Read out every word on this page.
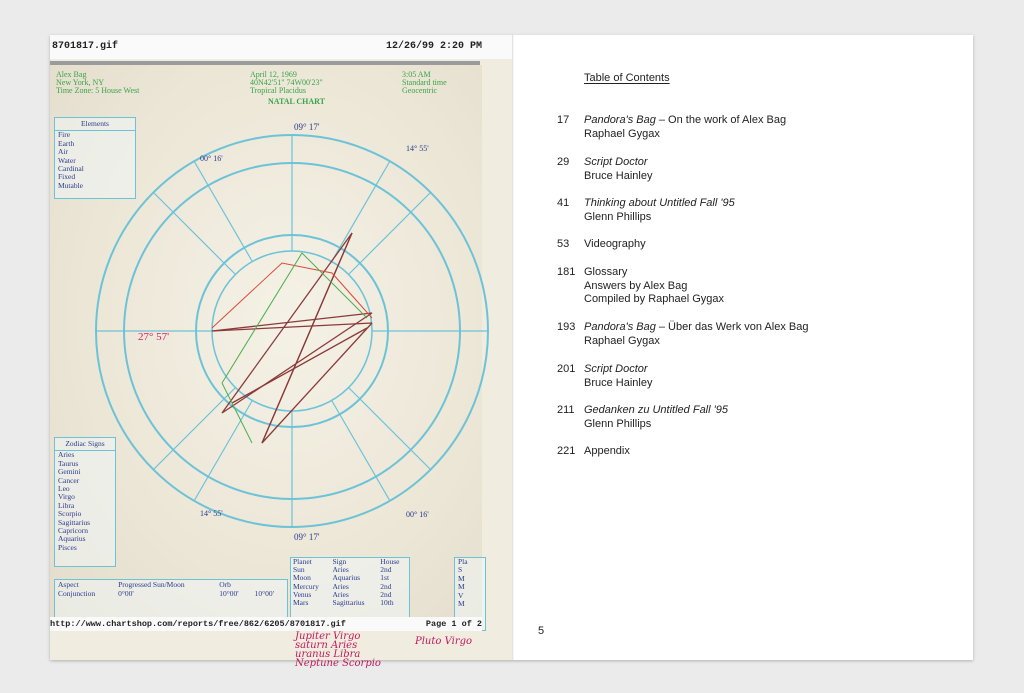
8701817.gif	12/26/99 2:20 PM
Alex Bag
New York, NY
Time Zone: 5 House West
April 12, 1969
40N42'51" 74W00'23"
Tropical Placidus
3:05 AM
Standard time
Geocentric
NATAL CHART
Elements
Fire
Earth
Air
Water
Cardinal
Fixed
Mutable
09° 17'
00° 16'
14° 55'
27° 57'
09° 17'
14° 55'	00° 16'
Zodiac Signs
Aries
Taurus
Gemini
Cancer
Leo
Virgo
Libra
Scorpio
Sagittarius
Capricorn
Aquarius
Pisces
Planet	Sign	House
Sun	Aries	2nd
Moon	Aquarius	1st
Mercury	Aries	2nd
Venus	Aries	2nd
Mars	Sagittarius	10th
Pla
S
M
M
V
M
Aspect	Progressed Sun/Moon	Orb	
Conjunction	0°00'	10°00'	10°00'
http://www.chartshop.com/reports/free/862/6205/8701817.gif	Page 1 of 2
Jupiter Virgo
saturn Aries
uranus Libra
Neptune Scorpio
Pluto Virgo
Table of Contents
17	Pandora's Bag – On the work of Alex Bag
Raphael Gygax
29	Script Doctor
Bruce Hainley
41	Thinking about Untitled Fall '95
Glenn Phillips
53	Videography
181 Glossary
Answers by Alex Bag
Compiled by Raphael Gygax
193 Pandora's Bag – Über das Werk von Alex Bag
Raphael Gygax
201 Script Doctor
Bruce Hainley
211 Gedanken zu Untitled Fall '95
Glenn Phillips
221 Appendix
5
